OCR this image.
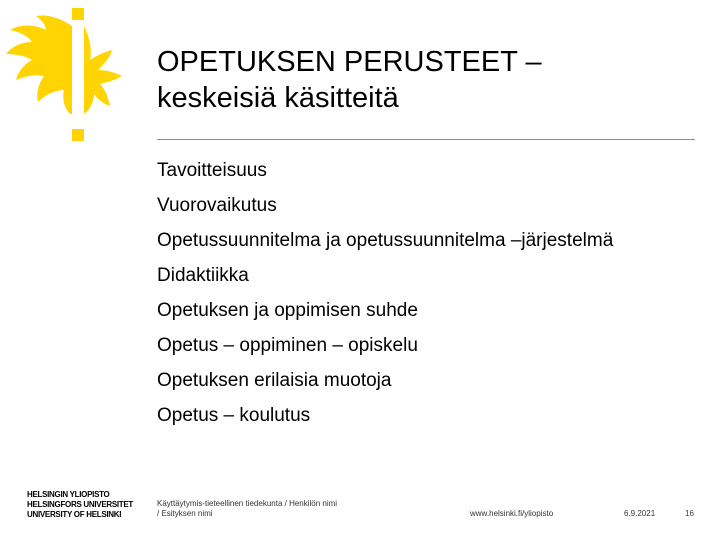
OPETUKSEN PERUSTEET –
keskeisiä käsitteitä
Tavoitteisuus
Vuorovaikutus
Opetussuunnitelma ja opetussuunnitelma –järjestelmä
Didaktiikka
Opetuksen ja oppimisen suhde
Opetus – oppiminen – opiskelu
Opetuksen erilaisia muotoja
Opetus – koulutus
HELSINGIN YLIOPISTO
HELSINGFORS UNIVERSITET
UNIVERSITY OF HELSINKI
Käyttäytymis-tieteellinen tiedekunta / Henkilön nimi
/ Esityksen nimi	www.helsinki.fi/yliopisto	6.9.2021	16
